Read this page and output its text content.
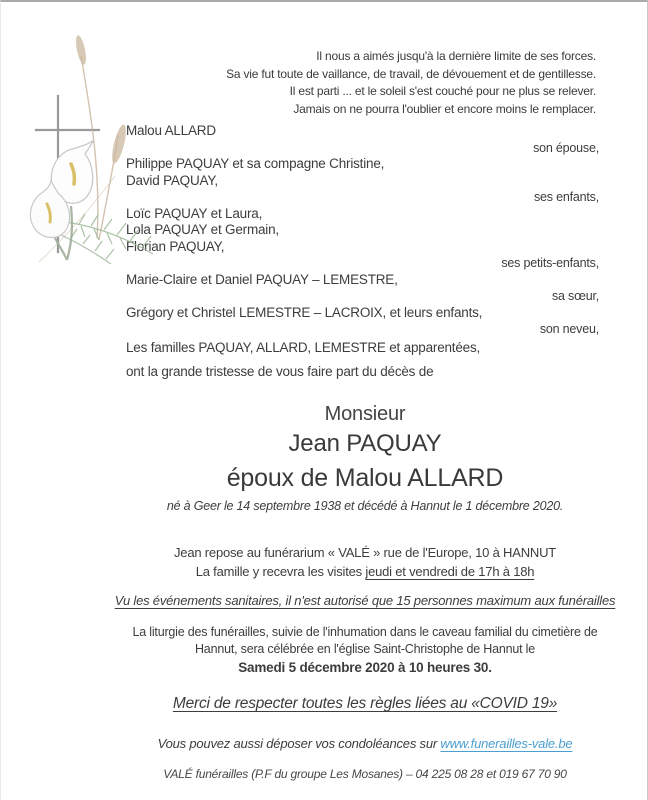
Il nous a aimés jusqu'à la dernière limite de ses forces.
Sa vie fut toute de vaillance, de travail, de dévouement et de gentillesse.
Il est parti ... et le soleil s'est couché pour ne plus se relever.
Jamais on ne pourra l'oublier et encore moins le remplacer.
Malou ALLARD
son épouse,
Philippe PAQUAY et sa compagne Christine,
David PAQUAY,
ses enfants,
Loïc PAQUAY et Laura,
Lola PAQUAY et Germain,
Florian PAQUAY,
ses petits-enfants,
Marie-Claire et Daniel PAQUAY – LEMESTRE,
sa sœur,
Grégory et Christel LEMESTRE – LACROIX, et leurs enfants,
son neveu,
Les familles PAQUAY, ALLARD, LEMESTRE et apparentées,
ont la grande tristesse de vous faire part du décès de
Monsieur
Jean PAQUAY
époux de Malou ALLARD
né à Geer le 14 septembre 1938 et décédé à Hannut le 1 décembre 2020.
Jean repose au funérarium « VALÉ » rue de l'Europe, 10 à HANNUT
La famille y recevra les visites jeudi et vendredi de 17h à 18h
Vu les événements sanitaires, il n'est autorisé que 15 personnes maximum aux funérailles
La liturgie des funérailles, suivie de l'inhumation dans le caveau familial du cimetière de
Hannut, sera célébrée en l'église Saint-Christophe de Hannut le
Samedi 5 décembre 2020 à 10 heures 30.
Merci de respecter toutes les règles liées au «COVID 19»
Vous pouvez aussi déposer vos condoléances sur www.funerailles-vale.be
VALÉ funérailles (P.F du groupe Les Mosanes) – 04 225 08 28 et 019 67 70 90
